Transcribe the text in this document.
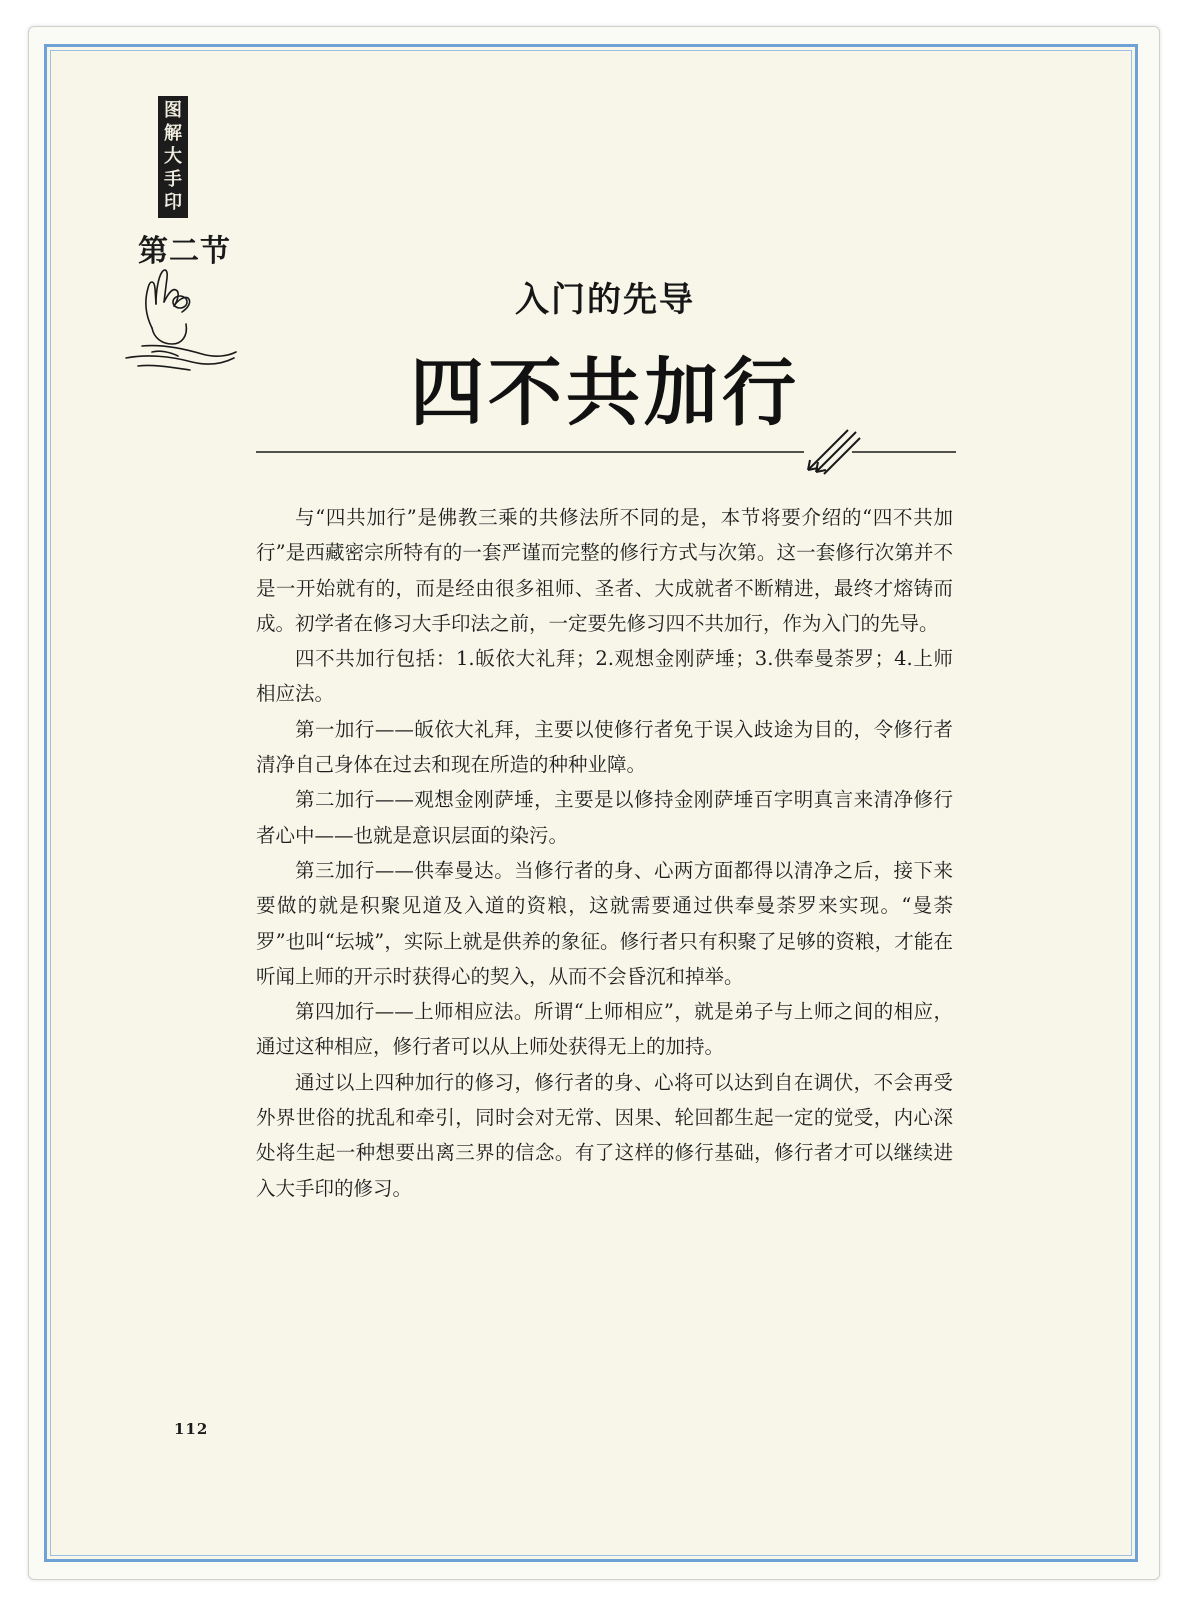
图
解
大
手
印
第二节
入门的先导
四不共加行

与“四共加行”是佛教三乘的共修法所不同的是，本节将要介绍的“四不共加行”是西藏密宗所特有的一套严谨而完整的修行方式与次第。这一套修行次第并不是一开始就有的，而是经由很多祖师、圣者、大成就者不断精进，最终才熔铸而成。初学者在修习大手印法之前，一定要先修习四不共加行，作为入门的先导。

四不共加行包括：1.皈依大礼拜；2.观想金刚萨埵；3.供奉曼荼罗；4.上师相应法。

第一加行——皈依大礼拜，主要以使修行者免于误入歧途为目的，令修行者清净自己身体在过去和现在所造的种种业障。

第二加行——观想金刚萨埵，主要是以修持金刚萨埵百字明真言来清净修行者心中——也就是意识层面的染污。

第三加行——供奉曼达。当修行者的身、心两方面都得以清净之后，接下来要做的就是积聚见道及入道的资粮，这就需要通过供奉曼荼罗来实现。“曼荼罗”也叫“坛城”，实际上就是供养的象征。修行者只有积聚了足够的资粮，才能在听闻上师的开示时获得心的契入，从而不会昏沉和掉举。

第四加行——上师相应法。所谓“上师相应”，就是弟子与上师之间的相应，通过这种相应，修行者可以从上师处获得无上的加持。

通过以上四种加行的修习，修行者的身、心将可以达到自在调伏，不会再受外界世俗的扰乱和牵引，同时会对无常、因果、轮回都生起一定的觉受，内心深处将生起一种想要出离三界的信念。有了这样的修行基础，修行者才可以继续进入大手印的修习。

112
